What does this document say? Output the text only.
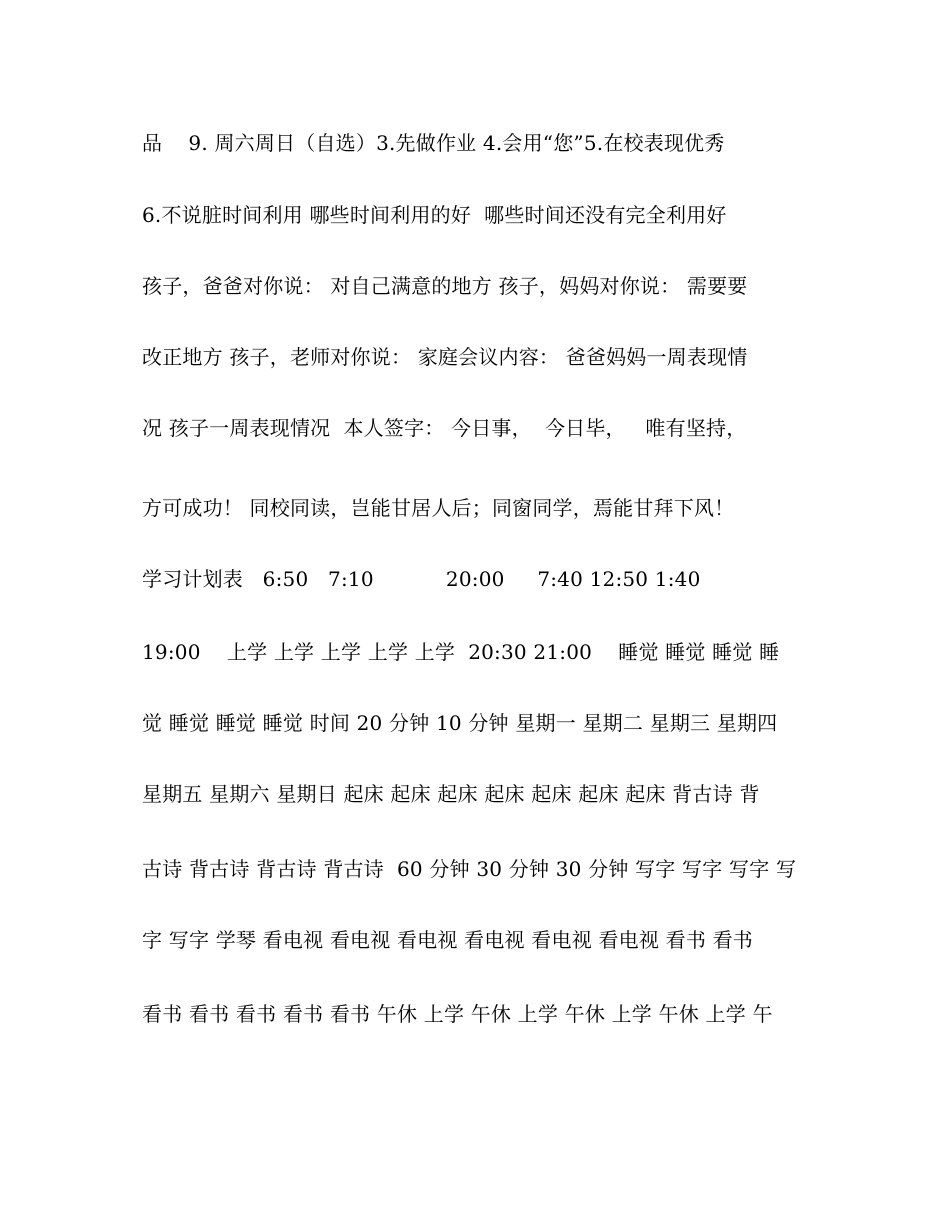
品    9. 周六周日（自选）3.先做作业 4.会用“您”5.在校表现优秀

6.不说脏时间利用 哪些时间利用的好  哪些时间还没有完全利用好

孩子，爸爸对你说： 对自己满意的地方 孩子，妈妈对你说： 需要要

改正地方 孩子，老师对你说： 家庭会议内容： 爸爸妈妈一周表现情

况 孩子一周表现情况  本人签字： 今日事，  今日毕，   唯有坚持，

方可成功！ 同校同读，岂能甘居人后；同窗同学，焉能甘拜下风！

学习计划表   6:50   7:10           20:00     7:40 12:50 1:40

19:00    上学 上学 上学 上学 上学  20:30 21:00    睡觉 睡觉 睡觉 睡

觉 睡觉 睡觉 睡觉 时间 20 分钟 10 分钟 星期一 星期二 星期三 星期四

星期五 星期六 星期日 起床 起床 起床 起床 起床 起床 起床 背古诗 背

古诗 背古诗 背古诗 背古诗  60 分钟 30 分钟 30 分钟 写字 写字 写字 写

字 写字 学琴 看电视 看电视 看电视 看电视 看电视 看电视 看书 看书

看书 看书 看书 看书 看书 午休 上学 午休 上学 午休 上学 午休 上学 午
